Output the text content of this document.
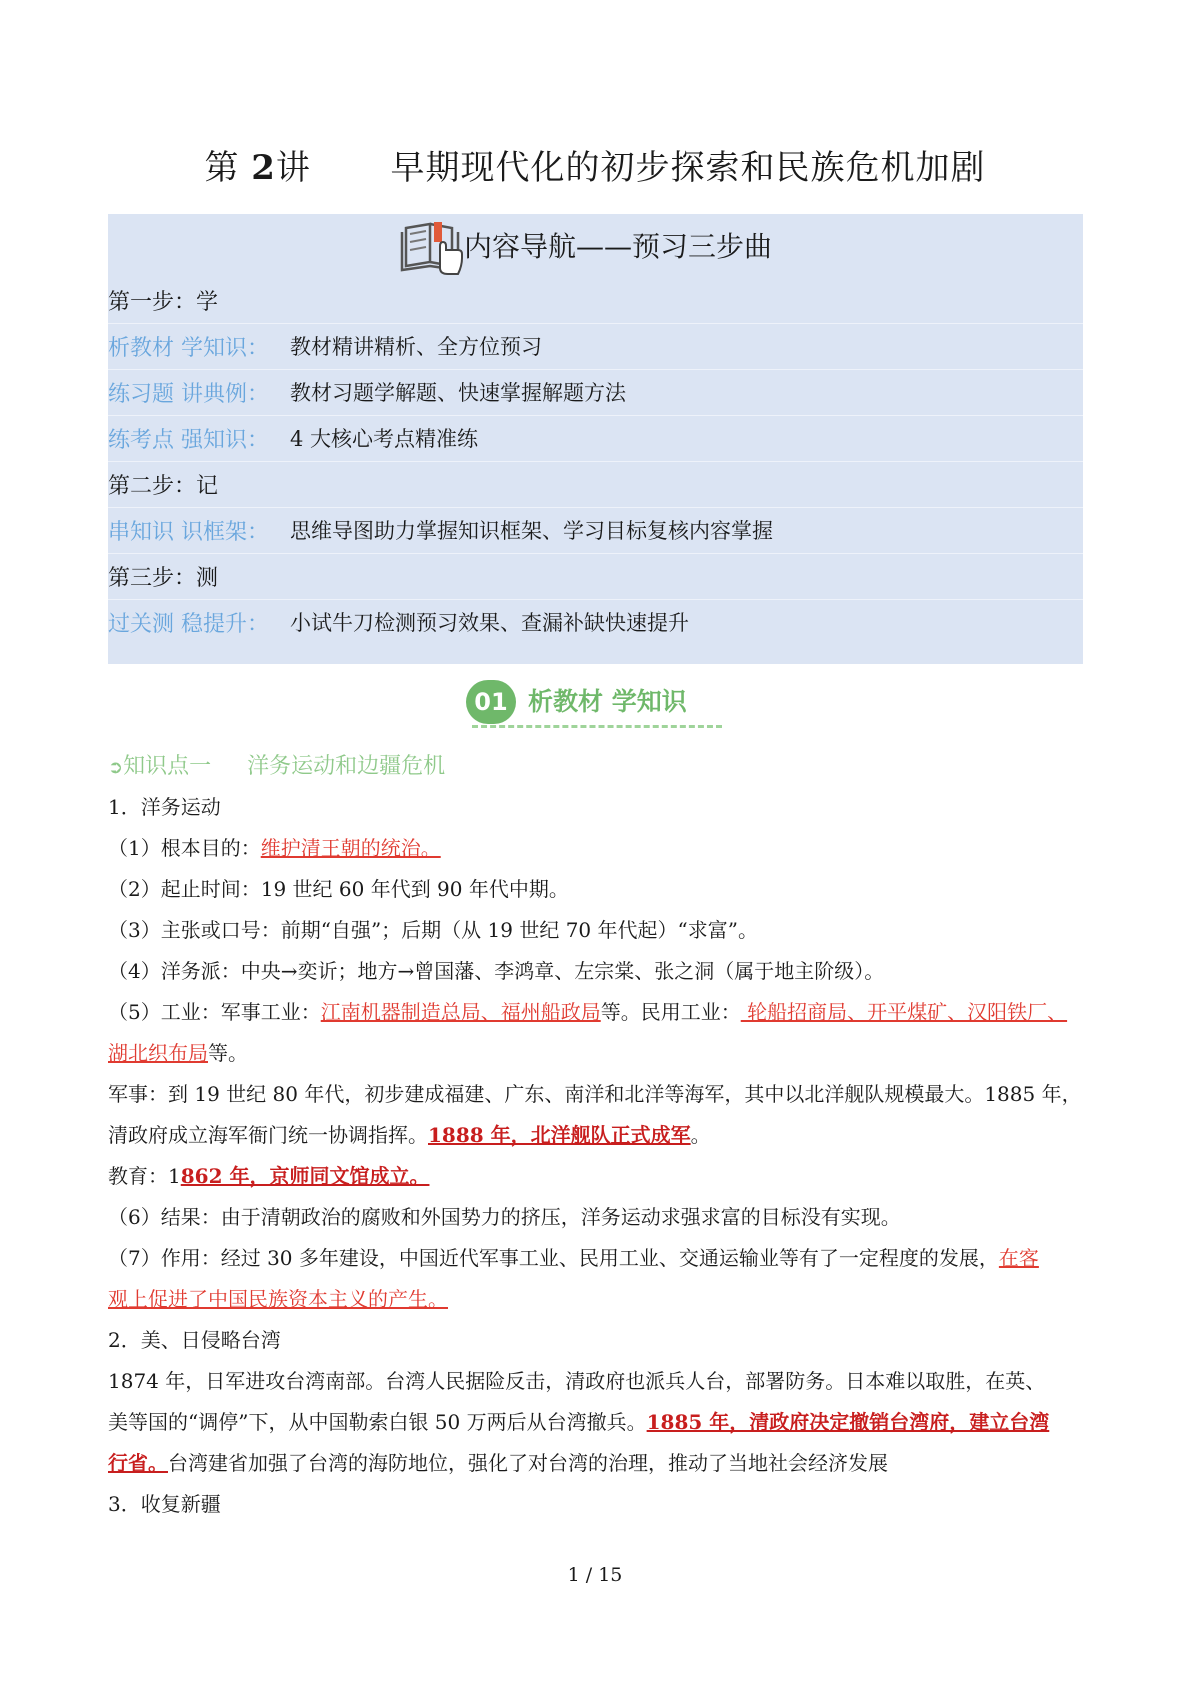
第 2讲 早期现代化的初步探索和民族危机加剧
内容导航——预习三步曲
第一步：学
析教材 学知识： 教材精讲精析、全方位预习
练习题 讲典例： 教材习题学解题、快速掌握解题方法
练考点 强知识： 4 大核心考点精准练
第二步：记
串知识 识框架： 思维导图助力掌握知识框架、学习目标复核内容掌握
第三步：测
过关测 稳提升： 小试牛刀检测预习效果、查漏补缺快速提升
01 析教材 学知识
➲知识点一 洋务运动和边疆危机
1．洋务运动
（1）根本目的：维护清王朝的统治。
（2）起止时间：19 世纪 60 年代到 90 年代中期。
（3）主张或口号：前期“自强”；后期（从 19 世纪 70 年代起）“求富”。
（4）洋务派：中央→奕䜣；地方→曾国藩、李鸿章、左宗棠、张之洞（属于地主阶级）。
（5）工业：军事工业：江南机器制造总局、福州船政局等。民用工业： 轮船招商局、开平煤矿、汉阳铁厂、
湖北织布局等。
军事：到 19 世纪 80 年代，初步建成福建、广东、南洋和北洋等海军，其中以北洋舰队规模最大。1885 年，
清政府成立海军衙门统一协调指挥。1888 年，北洋舰队正式成军。
教育：1862 年，京师同文馆成立。
（6）结果：由于清朝政治的腐败和外国势力的挤压，洋务运动求强求富的目标没有实现。
（7）作用：经过 30 多年建设，中国近代军事工业、民用工业、交通运输业等有了一定程度的发展，在客
观上促进了中国民族资本主义的产生。
2．美、日侵略台湾
1874 年，日军进攻台湾南部。台湾人民据险反击，清政府也派兵人台，部署防务。日本难以取胜，在英、
美等国的“调停”下，从中国勒索白银 50 万两后从台湾撤兵。1885 年，清政府决定撤销台湾府，建立台湾
行省。台湾建省加强了台湾的海防地位，强化了对台湾的治理，推动了当地社会经济发展
3．收复新疆
1 / 15
